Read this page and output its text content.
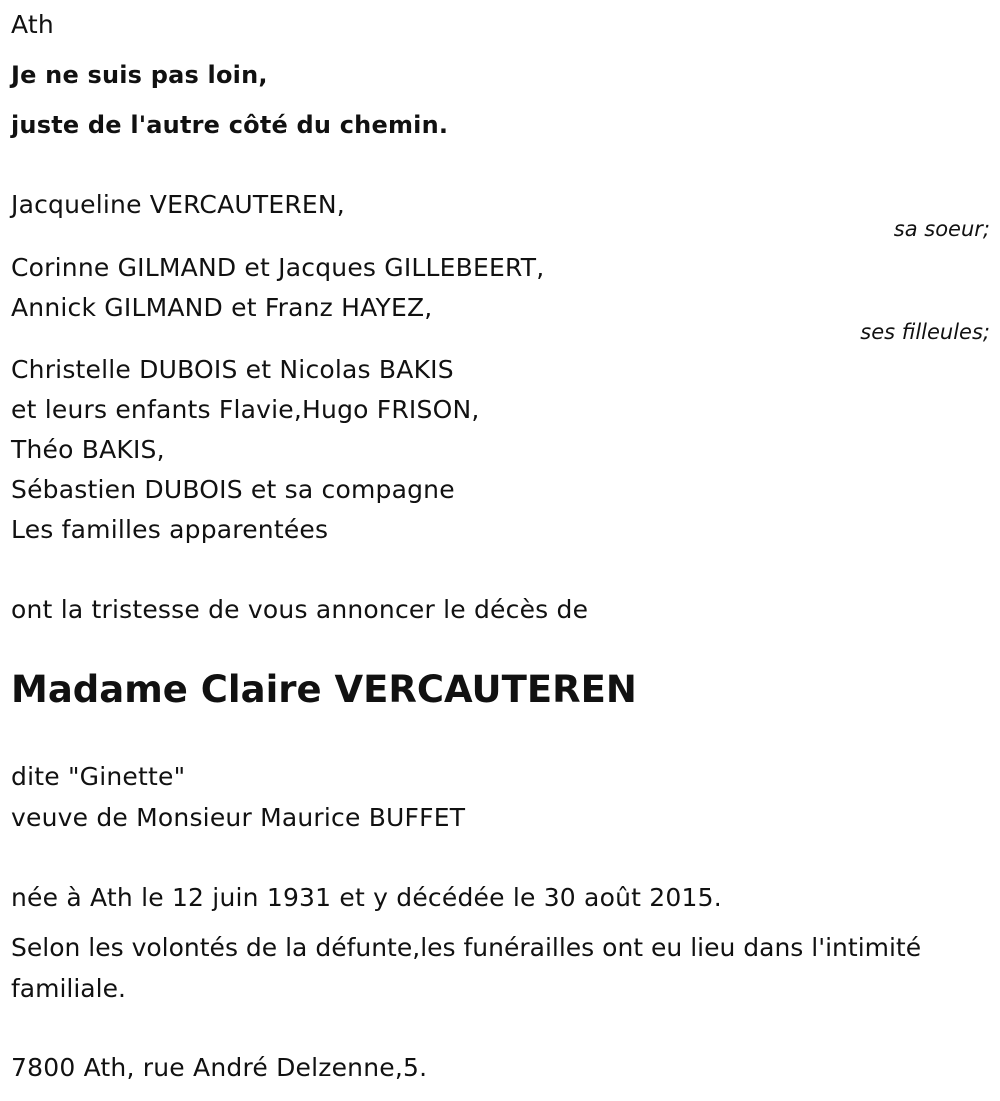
Ath
Je ne suis pas loin,
juste de l'autre côté du chemin.
Jacqueline VERCAUTEREN,
sa soeur;
Corinne GILMAND et Jacques GILLEBEERT,
Annick GILMAND et Franz HAYEZ,
ses filleules;
Christelle DUBOIS et Nicolas BAKIS
et leurs enfants Flavie,Hugo FRISON,
Théo BAKIS,
Sébastien DUBOIS et sa compagne
Les familles apparentées
ont la tristesse de vous annoncer le décès de
Madame Claire VERCAUTEREN
dite "Ginette"
veuve de Monsieur Maurice BUFFET
née à Ath le 12 juin 1931 et y décédée le 30 août 2015.
Selon les volontés de la défunte,les funérailles ont eu lieu dans l'intimité familiale.
7800 Ath, rue André Delzenne,5.
